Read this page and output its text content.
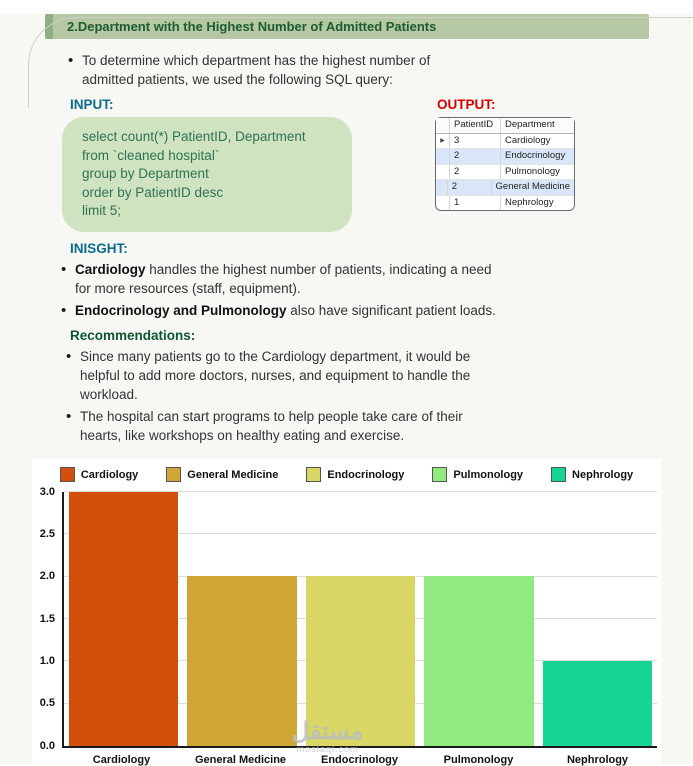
2.Department with the Highest Number of Admitted Patients
• To determine which department has the highest number of admitted patients, we used the following SQL query:
INPUT:
select count(*) PatientID, Department
from `cleaned hospital`
group by Department
order by PatientID desc
limit 5;
OUTPUT:
PatientID	Department
▶ 3	Cardiology
2	Endocrinology
2	Pulmonology
2	General Medicine
1	Nephrology
INISGHT:
• Cardiology handles the highest number of patients, indicating a need for more resources (staff, equipment).
• Endocrinology and Pulmonology also have significant patient loads.
Recommendations:
• Since many patients go to the Cardiology department, it would be helpful to add more doctors, nurses, and equipment to handle the workload.
• The hospital can start programs to help people take care of their hearts, like workshops on healthy eating and exercise.
Cardiology	General Medicine	Endocrinology	Pulmonology	Nephrology
0.0
0.5
1.0
1.5
2.0
2.5
3.0
Cardiology	General Medicine	Endocrinology	Pulmonology	Nephrology
مستقل
mostaql.com
